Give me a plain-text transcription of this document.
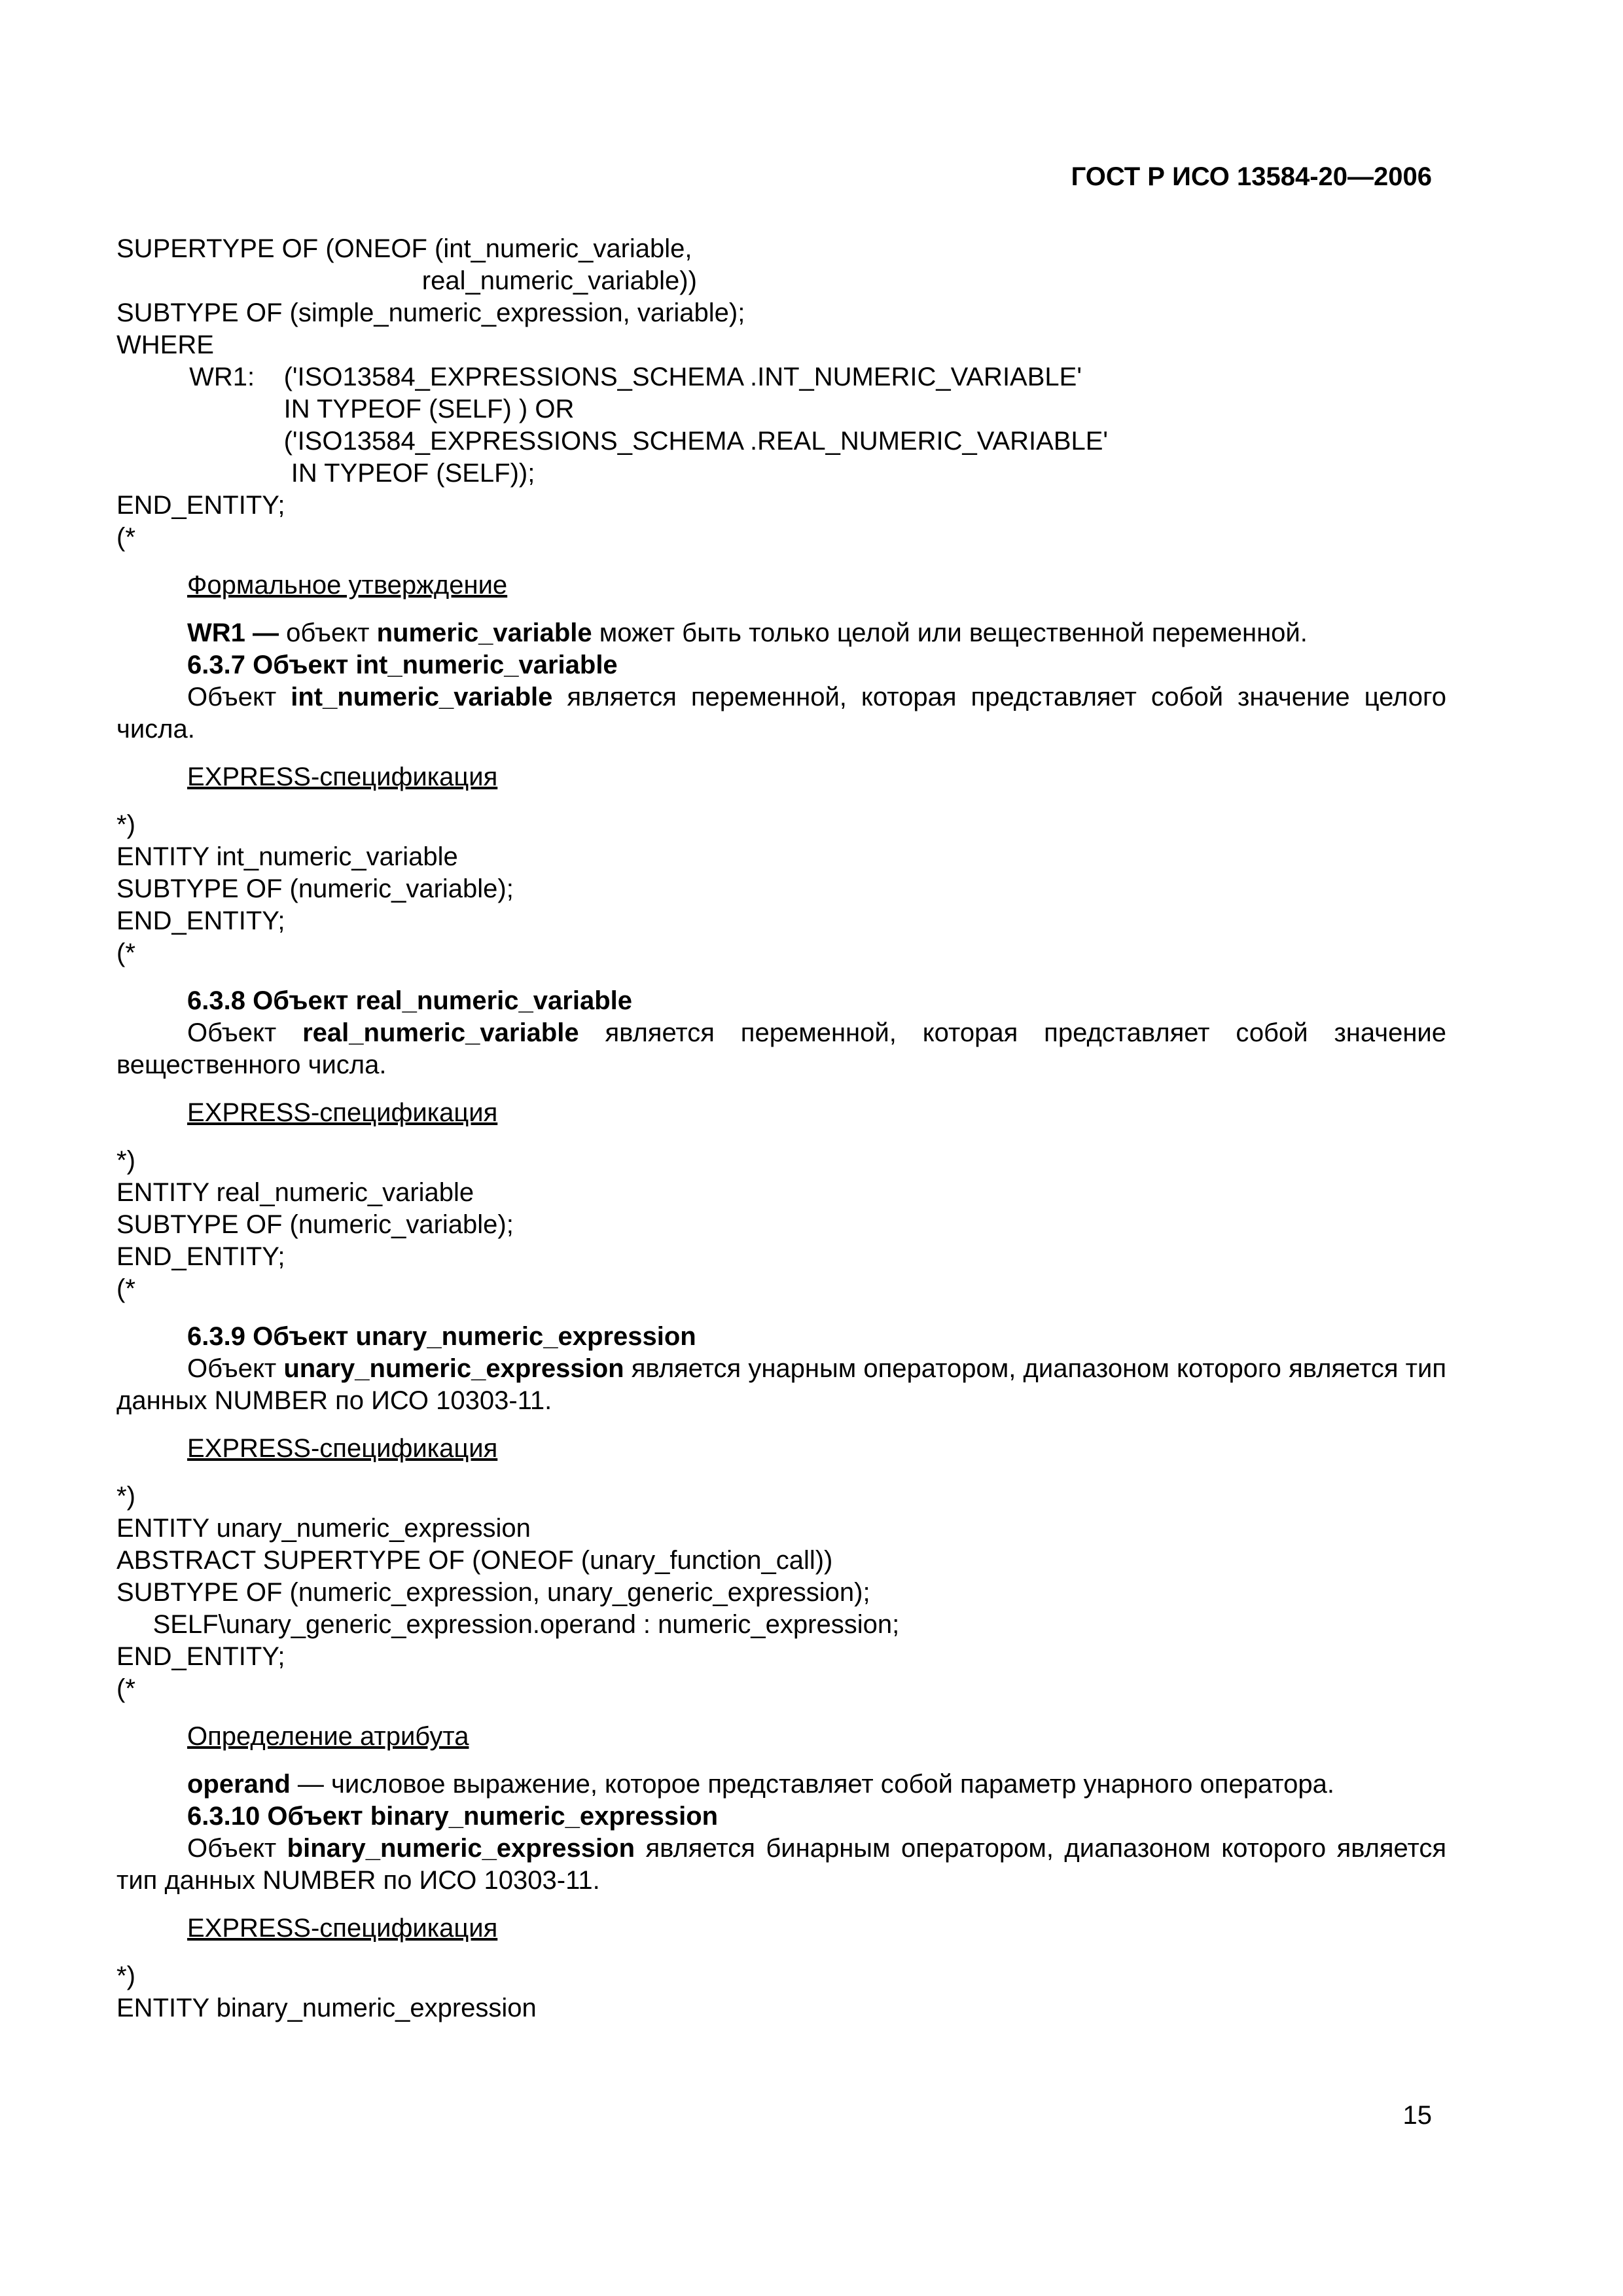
ГОСТ Р ИСО 13584-20—2006
SUPERTYPE OF (ONEOF (int_numeric_variable,
real_numeric_variable))
SUBTYPE OF (simple_numeric_expression, variable);
WHERE
WR1:    ('ISO13584_EXPRESSIONS_SCHEMA .INT_NUMERIC_VARIABLE'
IN TYPEOF (SELF) ) OR
('ISO13584_EXPRESSIONS_SCHEMA .REAL_NUMERIC_VARIABLE'
IN TYPEOF (SELF));
END_ENTITY;
(*
Формальное утверждение
WR1 — объект numeric_variable может быть только целой или вещественной переменной.
6.3.7 Объект int_numeric_variable
Объект int_numeric_variable является переменной, которая представляет собой значение целого числа.
EXPRESS-спецификация
*)
ENTITY int_numeric_variable
SUBTYPE OF (numeric_variable);
END_ENTITY;
(*
6.3.8 Объект real_numeric_variable
Объект real_numeric_variable является переменной, которая представляет собой значение вещественного числа.
EXPRESS-спецификация
*)
ENTITY real_numeric_variable
SUBTYPE OF (numeric_variable);
END_ENTITY;
(*
6.3.9 Объект unary_numeric_expression
Объект unary_numeric_expression является унарным оператором, диапазоном которого является тип данных NUMBER по ИСО 10303-11.
EXPRESS-спецификация
*)
ENTITY unary_numeric_expression
ABSTRACT SUPERTYPE OF (ONEOF (unary_function_call))
SUBTYPE OF (numeric_expression, unary_generic_expression);
SELF\unary_generic_expression.operand : numeric_expression;
END_ENTITY;
(*
Определение атрибута
operand — числовое выражение, которое представляет собой параметр унарного оператора.
6.3.10 Объект binary_numeric_expression
Объект binary_numeric_expression является бинарным оператором, диапазоном которого является тип данных NUMBER по ИСО 10303-11.
EXPRESS-спецификация
*)
ENTITY binary_numeric_expression
15
